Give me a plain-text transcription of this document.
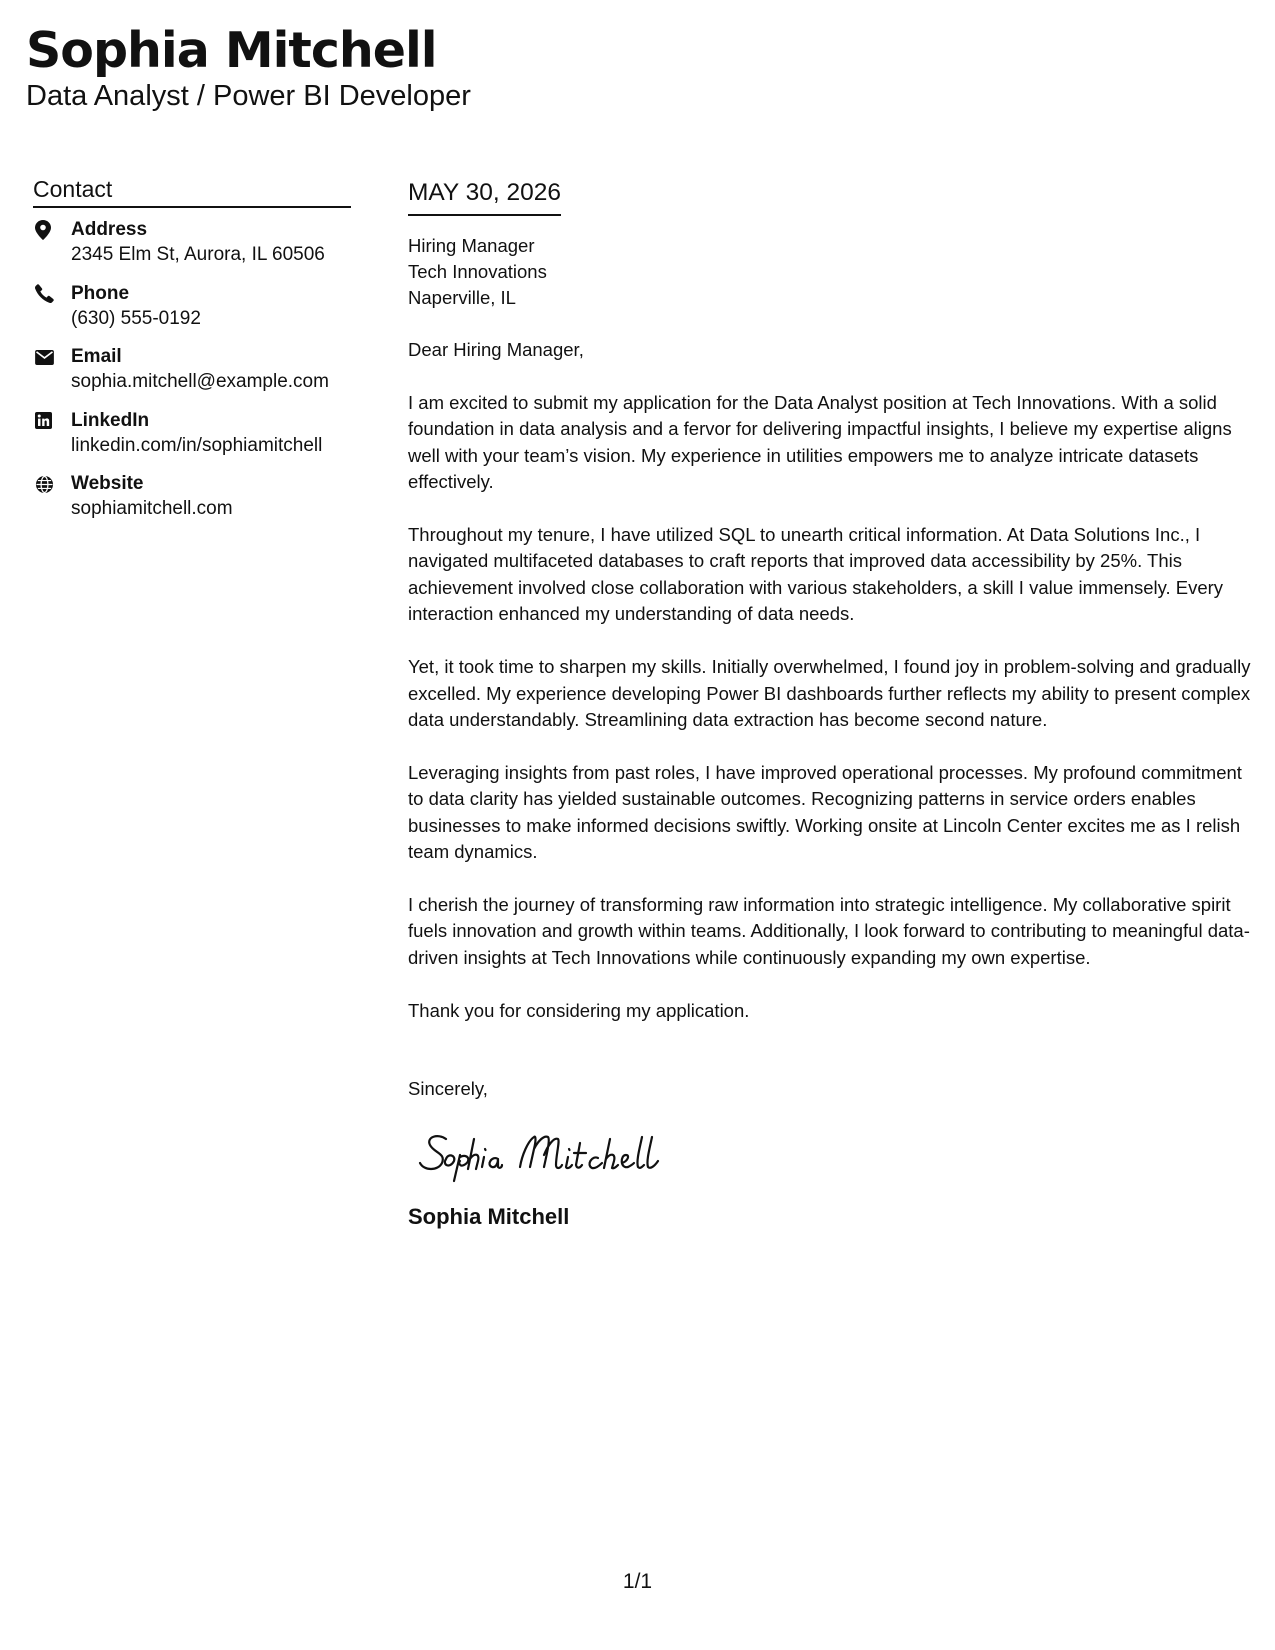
Sophia Mitchell
Data Analyst / Power BI Developer
Contact
Address
2345 Elm St, Aurora, IL 60506
Phone
(630) 555-0192
Email
sophia.mitchell@example.com
LinkedIn
linkedin.com/in/sophiamitchell
Website
sophiamitchell.com
MAY 30, 2026
Hiring Manager
Tech Innovations
Naperville, IL
Dear Hiring Manager,
I am excited to submit my application for the Data Analyst position at Tech Innovations. With a solid foundation in data analysis and a fervor for delivering impactful insights, I believe my expertise aligns well with your team’s vision. My experience in utilities empowers me to analyze intricate datasets effectively.
Throughout my tenure, I have utilized SQL to unearth critical information. At Data Solutions Inc., I navigated multifaceted databases to craft reports that improved data accessibility by 25%. This achievement involved close collaboration with various stakeholders, a skill I value immensely. Every interaction enhanced my understanding of data needs.
Yet, it took time to sharpen my skills. Initially overwhelmed, I found joy in problem-solving and gradually excelled. My experience developing Power BI dashboards further reflects my ability to present complex data understandably. Streamlining data extraction has become second nature.
Leveraging insights from past roles, I have improved operational processes. My profound commitment to data clarity has yielded sustainable outcomes. Recognizing patterns in service orders enables businesses to make informed decisions swiftly. Working onsite at Lincoln Center excites me as I relish team dynamics.
I cherish the journey of transforming raw information into strategic intelligence. My collaborative spirit fuels innovation and growth within teams. Additionally, I look forward to contributing to meaningful data-driven insights at Tech Innovations while continuously expanding my own expertise.
Thank you for considering my application.
Sincerely,
Sophia Mitchell
1/1
